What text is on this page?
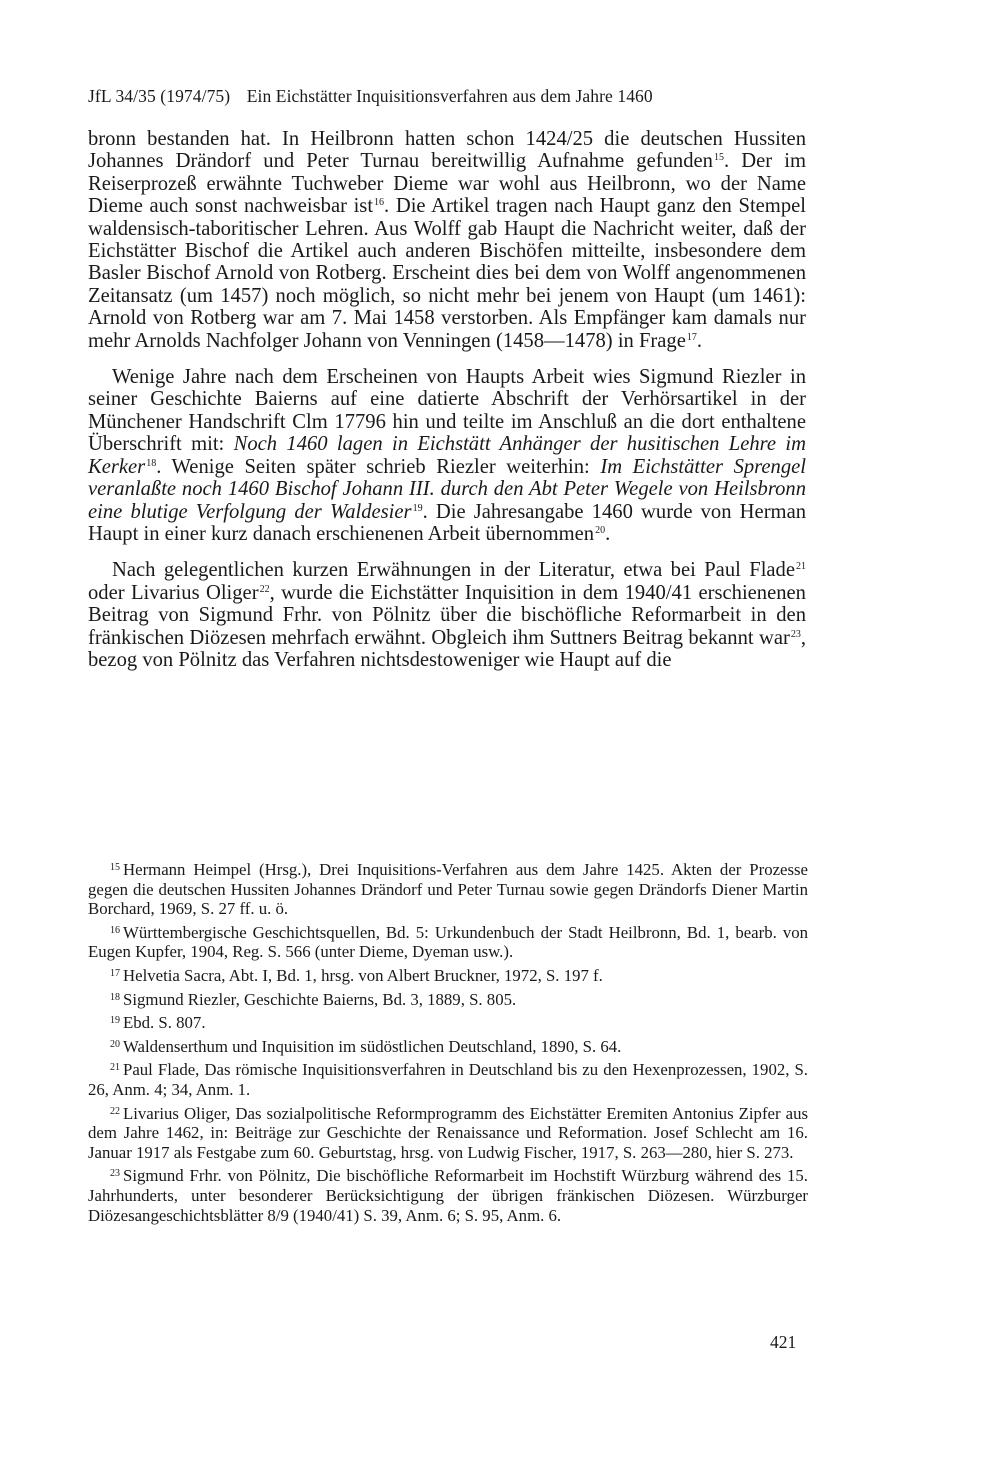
JfL 34/35 (1974/75) Ein Eichstätter Inquisitionsverfahren aus dem Jahre 1460

bronn bestanden hat. In Heilbronn hatten schon 1424/25 die deutschen Hussiten Johannes Drändorf und Peter Turnau bereitwillig Aufnahme gefunden$^{15}$. Der im Reiserprozeß erwähnte Tuchweber Dieme war wohl aus Heilbronn, wo der Name Dieme auch sonst nachweisbar ist$^{16}$. Die Artikel tragen nach Haupt ganz den Stempel waldensisch-taboritischer Lehren. Aus Wolff gab Haupt die Nachricht weiter, daß der Eichstätter Bischof die Artikel auch anderen Bischöfen mitteilte, insbesondere dem Basler Bischof Arnold von Rotberg. Erscheint dies bei dem von Wolff angenommenen Zeitansatz (um 1457) noch möglich, so nicht mehr bei jenem von Haupt (um 1461): Arnold von Rotberg war am 7. Mai 1458 verstorben. Als Empfänger kam damals nur mehr Arnolds Nachfolger Johann von Venningen (1458—1478) in Frage$^{17}$.

Wenige Jahre nach dem Erscheinen von Haupts Arbeit wies Sigmund Riezler in seiner Geschichte Baierns auf eine datierte Abschrift der Verhörsartikel in der Münchener Handschrift Clm 17796 hin und teilte im Anschluß an die dort enthaltene Überschrift mit: Noch 1460 lagen in Eichstätt Anhänger der husitischen Lehre im Kerker$^{18}$. Wenige Seiten später schrieb Riezler weiterhin: Im Eichstätter Sprengel veranlaßte noch 1460 Bischof Johann III. durch den Abt Peter Wegele von Heilsbronn eine blutige Verfolgung der Waldesier$^{19}$. Die Jahresangabe 1460 wurde von Herman Haupt in einer kurz danach erschienenen Arbeit übernommen$^{20}$.

Nach gelegentlichen kurzen Erwähnungen in der Literatur, etwa bei Paul Flade$^{21}$ oder Livarius Oliger$^{22}$, wurde die Eichstätter Inquisition in dem 1940/41 erschienenen Beitrag von Sigmund Frhr. von Pölnitz über die bischöfliche Reformarbeit in den fränkischen Diözesen mehrfach erwähnt. Obgleich ihm Suttners Beitrag bekannt war$^{23}$, bezog von Pölnitz das Verfahren nichtsdestoweniger wie Haupt auf die

$^{15}$ Hermann Heimpel (Hrsg.), Drei Inquisitions-Verfahren aus dem Jahre 1425. Akten der Prozesse gegen die deutschen Hussiten Johannes Drändorf und Peter Turnau sowie gegen Drändorfs Diener Martin Borchard, 1969, S. 27 ff. u. ö.
$^{16}$ Württembergische Geschichtsquellen, Bd. 5: Urkundenbuch der Stadt Heilbronn, Bd. 1, bearb. von Eugen Kupfer, 1904, Reg. S. 566 (unter Dieme, Dyeman usw.).
$^{17}$ Helvetia Sacra, Abt. I, Bd. 1, hrsg. von Albert Bruckner, 1972, S. 197 f.
$^{18}$ Sigmund Riezler, Geschichte Baierns, Bd. 3, 1889, S. 805.
$^{19}$ Ebd. S. 807.
$^{20}$ Waldenserthum und Inquisition im südöstlichen Deutschland, 1890, S. 64.
$^{21}$ Paul Flade, Das römische Inquisitionsverfahren in Deutschland bis zu den Hexenprozessen, 1902, S. 26, Anm. 4; 34, Anm. 1.
$^{22}$ Livarius Oliger, Das sozialpolitische Reformprogramm des Eichstätter Eremiten Antonius Zipfer aus dem Jahre 1462, in: Beiträge zur Geschichte der Renaissance und Reformation. Josef Schlecht am 16. Januar 1917 als Festgabe zum 60. Geburtstag, hrsg. von Ludwig Fischer, 1917, S. 263—280, hier S. 273.
$^{23}$ Sigmund Frhr. von Pölnitz, Die bischöfliche Reformarbeit im Hochstift Würzburg während des 15. Jahrhunderts, unter besonderer Berücksichtigung der übrigen fränkischen Diözesen. Würzburger Diözesangeschichtsblätter 8/9 (1940/41) S. 39, Anm. 6; S. 95, Anm. 6.
421
